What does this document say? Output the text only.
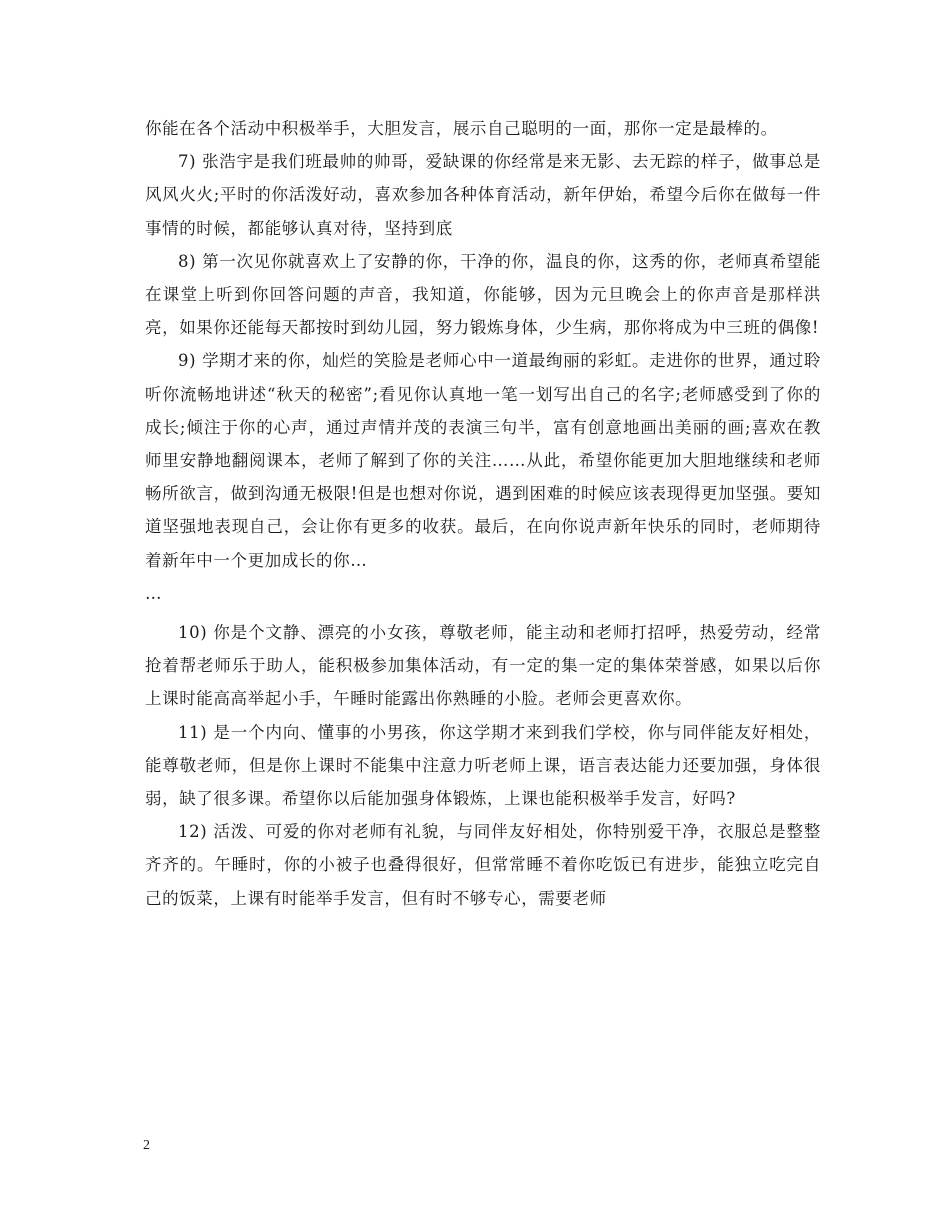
你能在各个活动中积极举手，大胆发言，展示自己聪明的一面，那你一定是最棒的。

7) 张浩宇是我们班最帅的帅哥，爱缺课的你经常是来无影、去无踪的样子，做事总是风风火火;平时的你活泼好动，喜欢参加各种体育活动，新年伊始，希望今后你在做每一件事情的时候，都能够认真对待，坚持到底

8) 第一次见你就喜欢上了安静的你，干净的你，温良的你，这秀的你，老师真希望能在课堂上听到你回答问题的声音，我知道，你能够，因为元旦晚会上的你声音是那样洪亮，如果你还能每天都按时到幼儿园，努力锻炼身体，少生病，那你将成为中三班的偶像!

9) 学期才来的你，灿烂的笑脸是老师心中一道最绚丽的彩虹。走进你的世界，通过聆听你流畅地讲述“秋天的秘密”;看见你认真地一笔一划写出自己的名字;老师感受到了你的成长;倾注于你的心声，通过声情并茂的表演三句半，富有创意地画出美丽的画;喜欢在教师里安静地翻阅课本，老师了解到了你的关注……从此，希望你能更加大胆地继续和老师畅所欲言，做到沟通无极限!但是也想对你说，遇到困难的时候应该表现得更加坚强。要知道坚强地表现自己，会让你有更多的收获。最后，在向你说声新年快乐的同时，老师期待着新年中一个更加成长的你…

…

10) 你是个文静、漂亮的小女孩，尊敬老师，能主动和老师打招呼，热爱劳动，经常抢着帮老师乐于助人，能积极参加集体活动，有一定的集一定的集体荣誉感，如果以后你上课时能高高举起小手，午睡时能露出你熟睡的小脸。老师会更喜欢你。

11) 是一个内向、懂事的小男孩，你这学期才来到我们学校，你与同伴能友好相处，能尊敬老师，但是你上课时不能集中注意力听老师上课，语言表达能力还要加强，身体很弱，缺了很多课。希望你以后能加强身体锻炼，上课也能积极举手发言，好吗?

12) 活泼、可爱的你对老师有礼貌，与同伴友好相处，你特别爱干净，衣服总是整整齐齐的。午睡时，你的小被子也叠得很好，但常常睡不着你吃饭已有进步，能独立吃完自己的饭菜，上课有时能举手发言，但有时不够专心，需要老师

2
